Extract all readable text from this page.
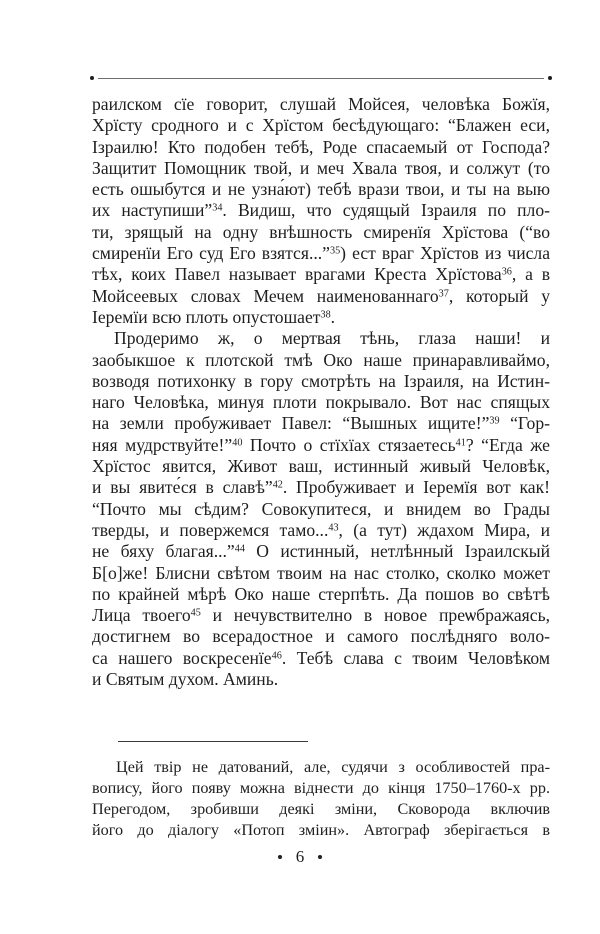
раилском сїе говорит, слушай Мойсея, человѣка Божїя,
Хрїсту сродного и с Хрїстом бесѣдующаго: “Блажен еси,
Ізраилю! Кто подобен тебѣ, Роде спасаемый от Господа?
Защитит Помощник твой, и меч Хвала твоя, и солжут (то
есть ошыбутся и не узна́ют) тебѣ врази твои, и ты на выю
их наступиши”$^{34}$. Видиш, что судящый Ізраиля по пло-
ти, зрящый на одну внѣшность смиренїя Хрїстова (“во
смиренїи Его суд Его взятся...”$^{35}$) ест враг Хрїстов из числа
тѣх, коих Павел называет врагами Креста Хрїстова$^{36}$, а в
Мойсеевых словах Мечем наименованнаго$^{37}$, который у
Іеремїи всю плоть опустошает$^{38}$.
Продеримо ж, о мертвая тѣнь, глаза наши! и
заобыкшое к плотской тмѣ Око наше принаравливаймо,
возводя потихонку в гору смотрѣть на Ізраиля, на Истин-
наго Человѣка, минуя плоти покрывало. Вот нас спящых
на земли пробуживает Павел: “Вышных ищите!”$^{39}$ “Гор-
няя мудрствуйте!”$^{40}$ Почто о стїхїах стязаетесь$^{41}$? “Егда же
Хрїстос явится, Живот ваш, истинный живый Человѣк,
и вы явите́ся в славѣ”$^{42}$. Пробуживает и Іеремїя вот как!
“Почто мы сѣдим? Совокупитеся, и внидем во Грады
тверды, и повержемся тамо...$^{43}$, (а тут) ждахом Мира, и
не бяху благая...”$^{44}$ О истинный, нетлѣнный Ізраилскый
Б[о]же! Блисни свѣтом твоим на нас столко, сколко может
по крайней мѣрѣ Око наше стерпѣть. Да пошов во свѣтѣ
Лица твоего$^{45}$ и нечувствително в новое преѡбражаясь,
достигнем во всерадостное и самого послѣдняго воло-
са нашего воскресенїе$^{46}$. Тебѣ слава с твоим Человѣком
и Святым духом. Аминь.
Цей твір не датований, але, судячи з особливостей пра-
вопису, його появу можна віднести до кінця 1750–1760-х рр.
Перегодом, зробивши деякі зміни, Сковорода включив
його до діалогу «Потоп зміин». Автограф зберігається в
6
